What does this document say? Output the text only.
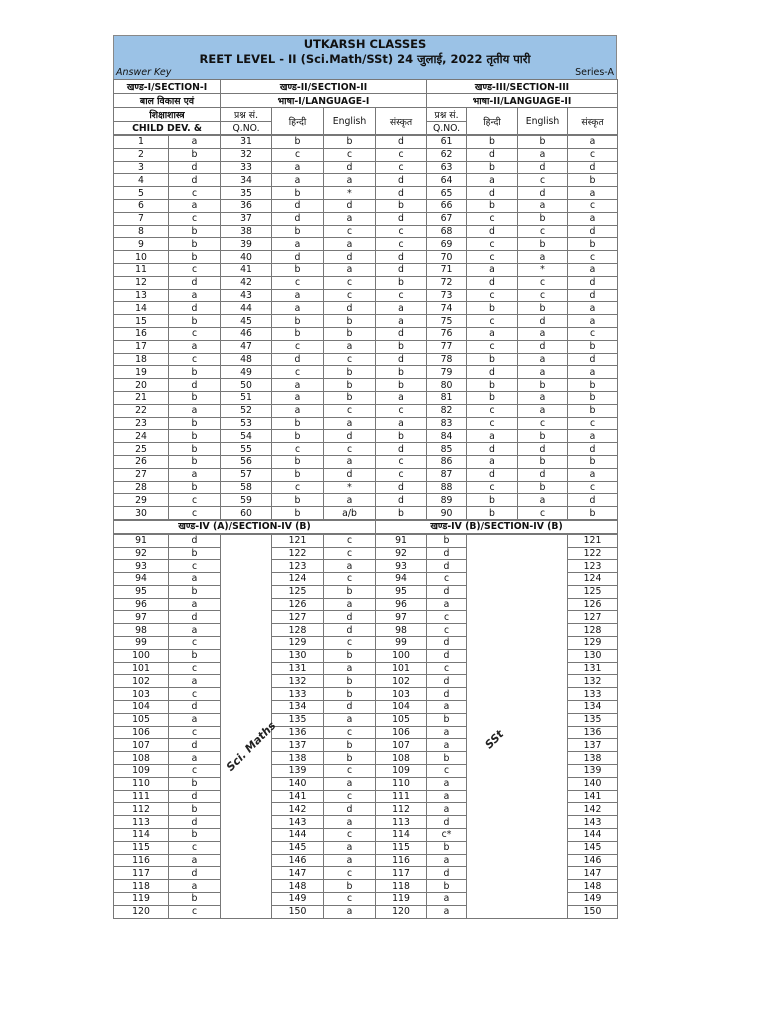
UTKARSH CLASSES
REET LEVEL - II (Sci.Math/SSt) 24 जुलाई, 2022 तृतीय पारी
Answer Key	Series-A
खण्ड-I/SECTION-I	खण्ड-II/SECTION-II				खण्ड-III/SECTION-III			
बाल विकास एवं	भाषा-I/LANGUAGE-I				भाषा-II/LANGUAGE-II			
शिक्षाशास्त्र	प्रश्न सं.	हिन्दी	English	संस्कृत	प्रश्न सं.	हिन्दी	English	संस्कृत
CHILD DEV. &	Q.NO.				Q.NO.			
1	a	31	b	b	d	61	b	b	a
2	b	32	c	c	c	62	d	a	c
3	d	33	a	d	c	63	b	d	d
4	d	34	a	a	d	64	a	c	b
5	c	35	b	*	d	65	d	d	a
6	a	36	d	d	b	66	b	a	c
7	c	37	d	a	d	67	c	b	a
8	b	38	b	c	c	68	d	c	d
9	b	39	a	a	c	69	c	b	b
10	b	40	d	d	d	70	c	a	c
11	c	41	b	a	d	71	a	*	a
12	d	42	c	c	b	72	d	c	d
13	a	43	a	c	c	73	c	c	d
14	d	44	a	d	a	74	b	b	a
15	b	45	b	b	a	75	c	d	a
16	c	46	b	b	d	76	a	a	c
17	a	47	c	a	b	77	c	d	b
18	c	48	d	c	d	78	b	a	d
19	b	49	c	b	b	79	d	a	a
20	d	50	a	b	b	80	b	b	b
21	b	51	a	b	a	81	b	a	b
22	a	52	a	c	c	82	c	a	b
23	b	53	b	a	a	83	c	c	c
24	b	54	b	d	b	84	a	b	a
25	b	55	c	c	d	85	d	d	d
26	b	56	b	a	c	86	a	b	b
27	a	57	b	d	c	87	d	d	a
28	b	58	c	*	d	88	c	b	c
29	c	59	b	a	d	89	b	a	d
30	c	60	b	a/b	b	90	b	c	b
खण्ड-IV (A)/SECTION-IV (B)	खण्ड-IV (B)/SECTION-IV (B)
91	d		121	c	91	b		121	
92	b		122	c	92	d		122	
93	c		123	a	93	d		123	
94	a		124	c	94	c		124	
95	b		125	b	95	d		125	
96	a		126	a	96	a		126	
97	d		127	d	97	c		127	
98	a		128	d	98	c		128	
99	c		129	c	99	d		129	
100	b		130	b	100	d		130	
101	c		131	a	101	c		131	
102	a		132	b	102	d		132	
103	c		133	b	103	d		133	
104	d		134	d	104	a		134	
105	a		135	a	105	b		135	
106	c		136	c	106	a		136	
107	d		137	b	107	a		137	
108	a		138	b	108	b		138	
109	c		139	c	109	c		139	
110	b		140	a	110	a		140	
111	d		141	c	111	a		141	
112	b		142	d	112	a		142	
113	d		143	a	113	d		143	
114	b		144	c	114	c*		144	
115	c		145	a	115	b		145	
116	a		146	a	116	a		146	
117	d		147	c	117	d		147	
118	a		148	b	118	b		148	
119	b		149	c	119	a		149	
120	c		150	a	120	a		150	
Sci. Maths	SSt
